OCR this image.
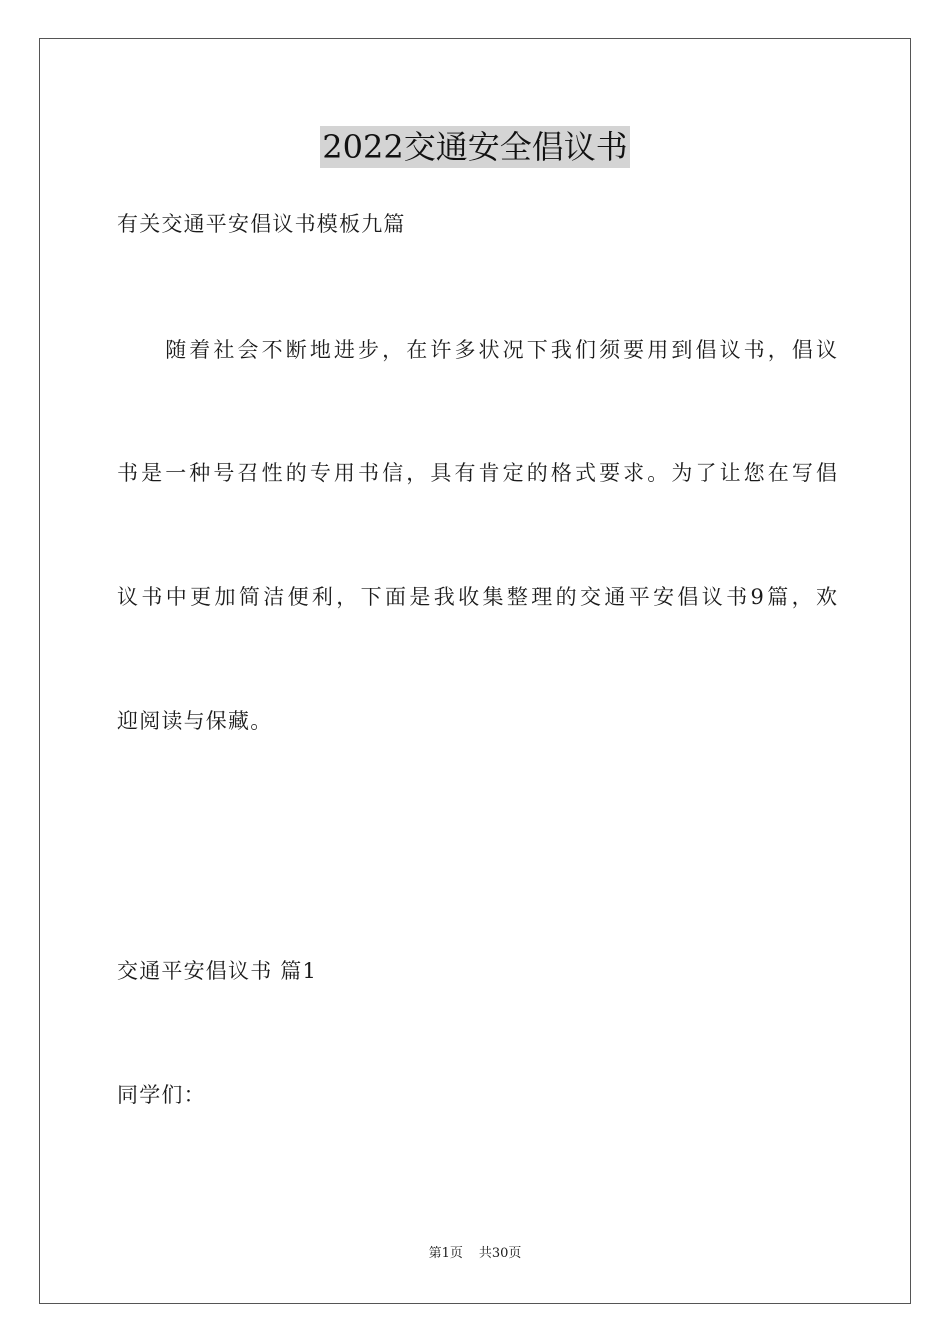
2022交通安全倡议书
有关交通平安倡议书模板九篇
　　随着社会不断地进步，在许多状况下我们须要用到倡议书，倡议
书是一种号召性的专用书信，具有肯定的格式要求。为了让您在写倡
议书中更加简洁便利，下面是我收集整理的交通平安倡议书9篇，欢
迎阅读与保藏。
交通平安倡议书 篇1
同学们：
第1页 共30页
